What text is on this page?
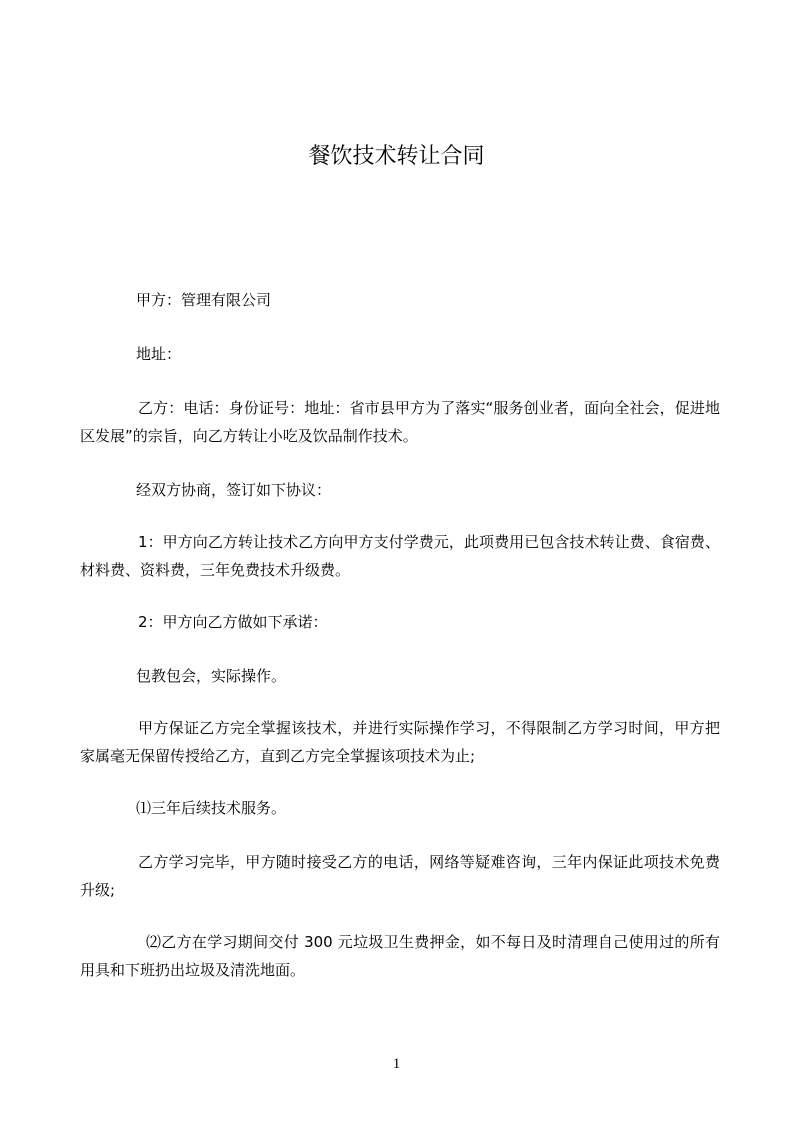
餐饮技术转让合同

甲方：管理有限公司

地址：

乙方：电话：身份证号：地址：省市县甲方为了落实“服务创业者，面向全社会，促进地区发展”的宗旨，向乙方转让小吃及饮品制作技术。

经双方协商，签订如下协议：

1：甲方向乙方转让技术乙方向甲方支付学费元，此项费用已包含技术转让费、食宿费、材料费、资料费，三年免费技术升级费。

2：甲方向乙方做如下承诺：

包教包会，实际操作。

甲方保证乙方完全掌握该技术，并进行实际操作学习，不得限制乙方学习时间，甲方把家属毫无保留传授给乙方，直到乙方完全掌握该项技术为止;

⑴三年后续技术服务。

乙方学习完毕，甲方随时接受乙方的电话，网络等疑难咨询，三年内保证此项技术免费升级;

⑵乙方在学习期间交付 300 元垃圾卫生费押金，如不每日及时清理自己使用过的所有用具和下班扔出垃圾及清洗地面。

1
